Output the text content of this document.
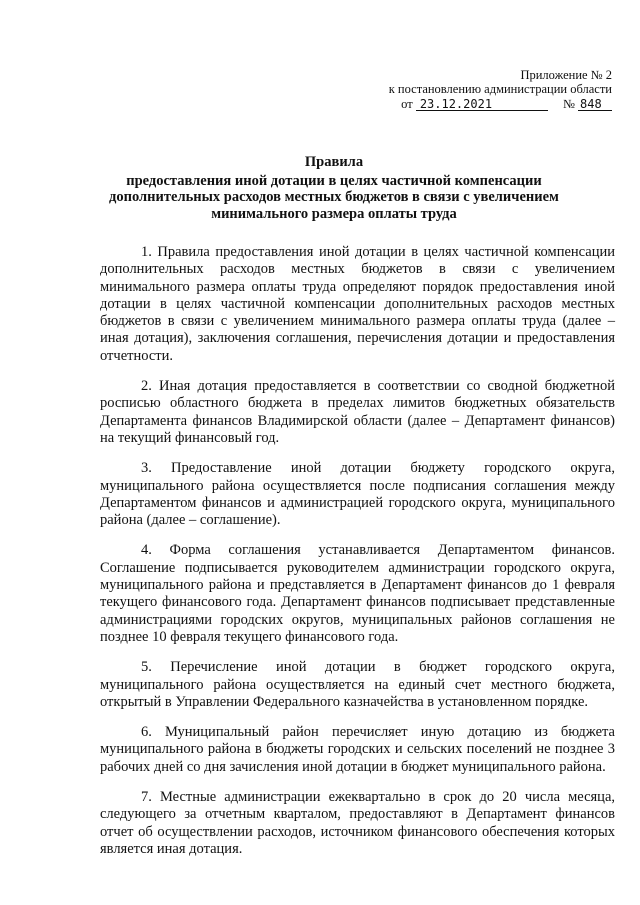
Приложение № 2
к постановлению администрации области
от 23.12.2021	№ 848
Правила
предоставления иной дотации в целях частичной компенсации дополнительных расходов местных бюджетов в связи с увеличением минимального размера оплаты труда

1. Правила предоставления иной дотации в целях частичной компенсации дополнительных расходов местных бюджетов в связи с увеличением минимального размера оплаты труда определяют порядок предоставления иной дотации в целях частичной компенсации дополнительных расходов местных бюджетов в связи с увеличением минимального размера оплаты труда (далее – иная дотация), заключения соглашения, перечисления дотации и предоставления отчетности.

2. Иная дотация предоставляется в соответствии со сводной бюджетной росписью областного бюджета в пределах лимитов бюджетных обязательств Департамента финансов Владимирской области (далее – Департамент финансов) на текущий финансовый год.

3. Предоставление иной дотации бюджету городского округа, муниципального района осуществляется после подписания соглашения между Департаментом финансов и администрацией городского округа, муниципального района (далее – соглашение).

4. Форма соглашения устанавливается Департаментом финансов. Соглашение подписывается руководителем администрации городского округа, муниципального района и представляется в Департамент финансов до 1 февраля текущего финансового года. Департамент финансов подписывает представленные администрациями городских округов, муниципальных районов соглашения не позднее 10 февраля текущего финансового года.

5. Перечисление иной дотации в бюджет городского округа, муниципального района осуществляется на единый счет местного бюджета, открытый в Управлении Федерального казначейства в установленном порядке.

6. Муниципальный район перечисляет иную дотацию из бюджета муниципального района в бюджеты городских и сельских поселений не позднее 3 рабочих дней со дня зачисления иной дотации в бюджет муниципального района.

7. Местные администрации ежеквартально в срок до 20 числа месяца, следующего за отчетным кварталом, предоставляют в Департамент финансов отчет об осуществлении расходов, источником финансового обеспечения которых является иная дотация.
